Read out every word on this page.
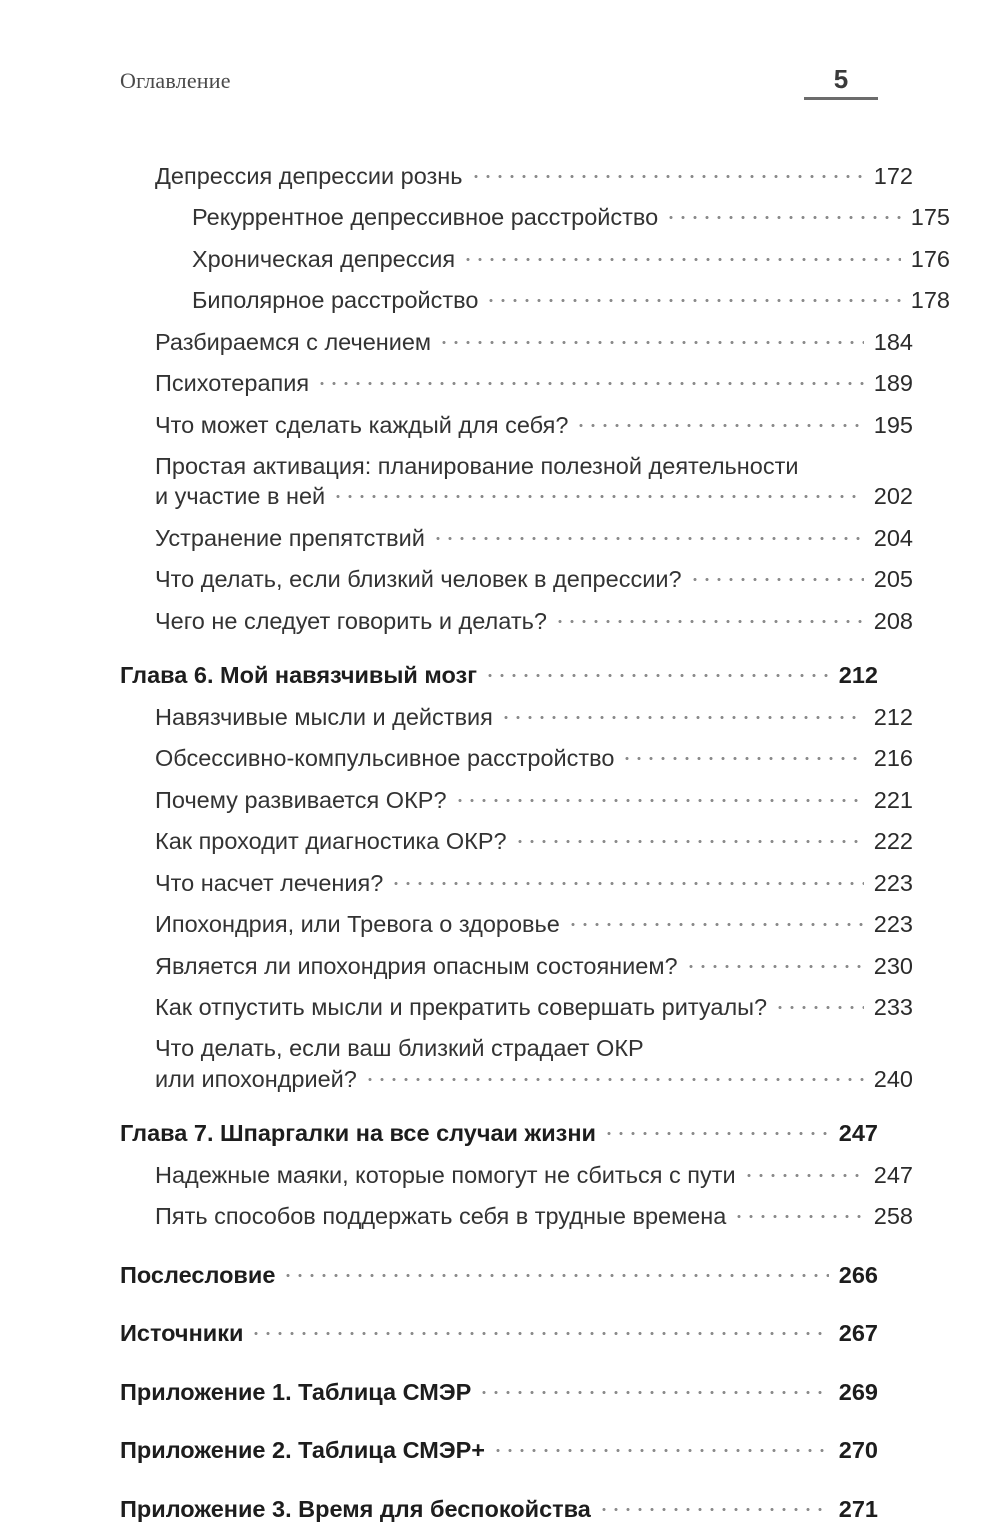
Оглавление	5
Депрессия депрессии рознь	172
Рекуррентное депрессивное расстройство	175
Хроническая депрессия	176
Биполярное расстройство	178
Разбираемся с лечением	184
Психотерапия	189
Что может сделать каждый для себя?	195
Простая активация: планирование полезной деятельности
и участие в ней	202
Устранение препятствий	204
Что делать, если близкий человек в депрессии?	205
Чего не следует говорить и делать?	208
Глава 6. Мой навязчивый мозг	212
Навязчивые мысли и действия	212
Обсессивно-компульсивное расстройство	216
Почему развивается ОКР?	221
Как проходит диагностика ОКР?	222
Что насчет лечения?	223
Ипохондрия, или Тревога о здоровье	223
Является ли ипохондрия опасным состоянием?	230
Как отпустить мысли и прекратить совершать ритуалы?	233
Что делать, если ваш близкий страдает ОКР
или ипохондрией?	240
Глава 7. Шпаргалки на все случаи жизни	247
Надежные маяки, которые помогут не сбиться с пути	247
Пять способов поддержать себя в трудные времена	258
Послесловие	266
Источники	267
Приложение 1. Таблица СМЭР	269
Приложение 2. Таблица СМЭР+	270
Приложение 3. Время для беспокойства	271
